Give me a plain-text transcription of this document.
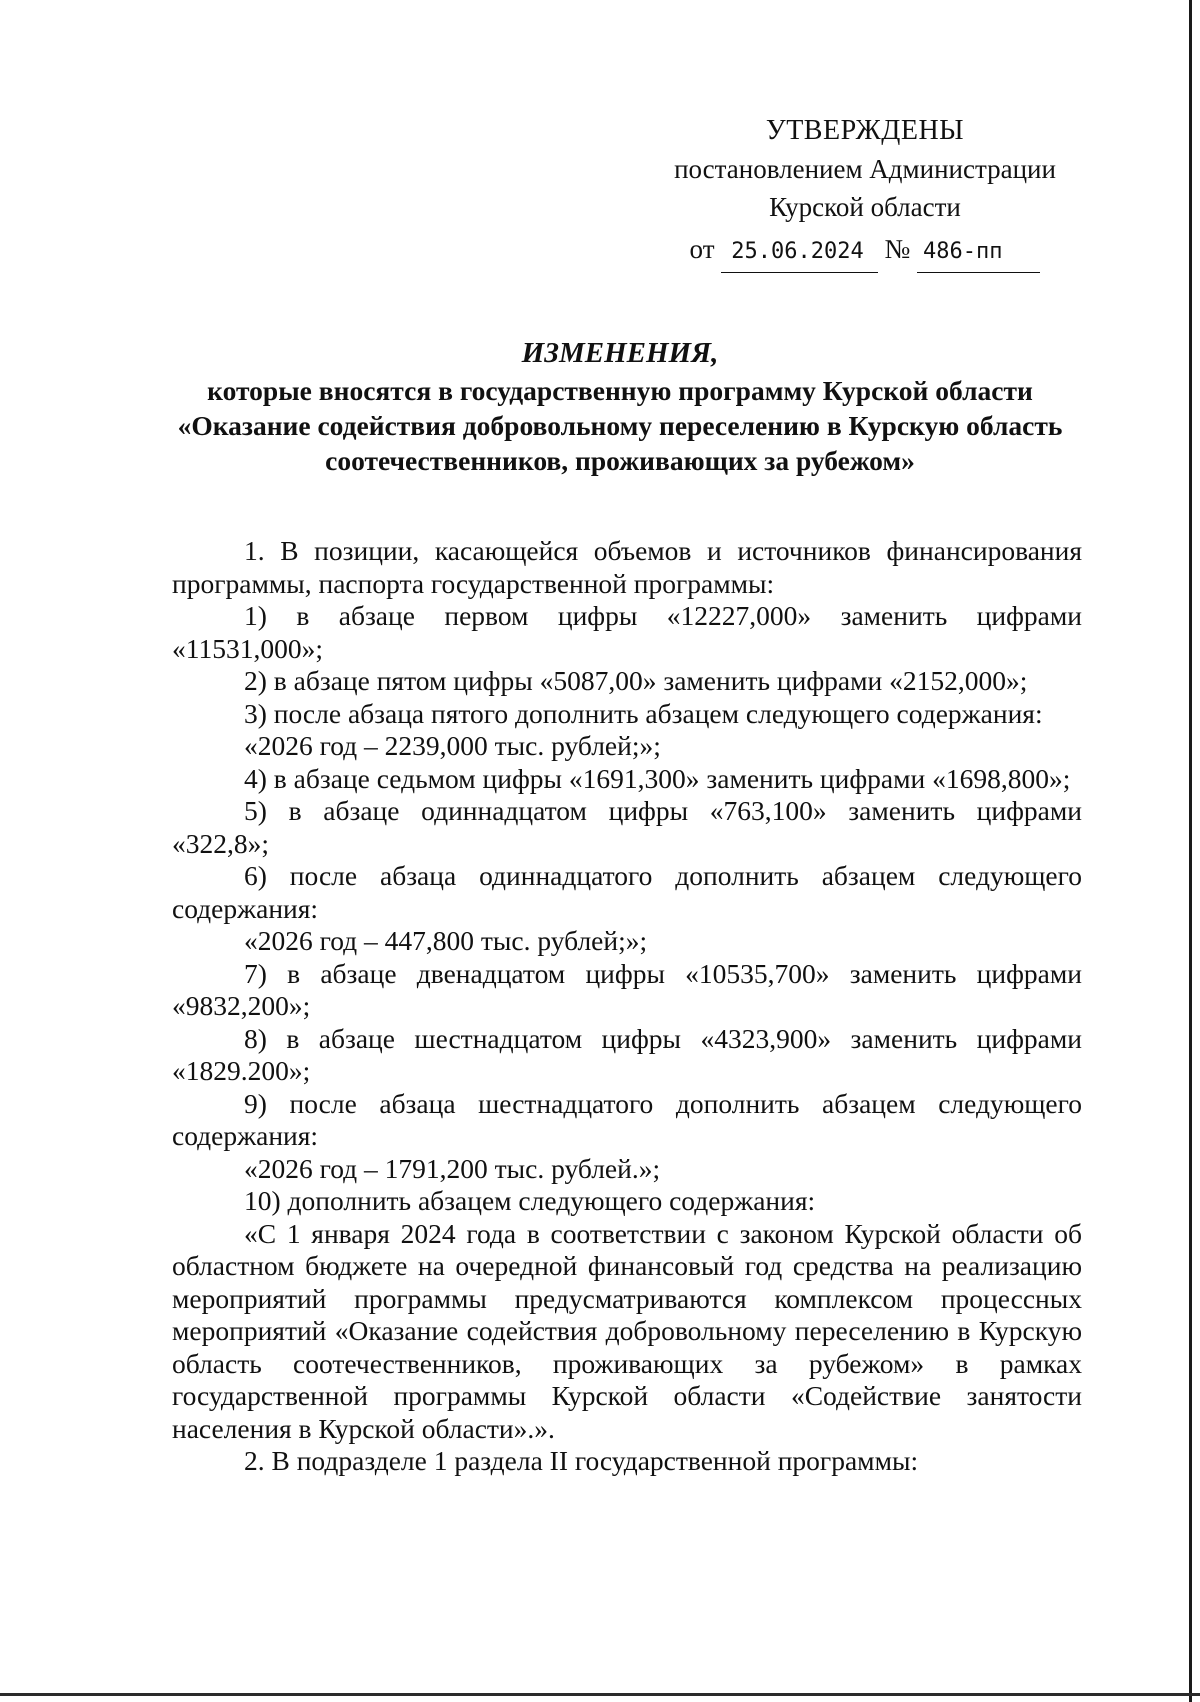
УТВЕРЖДЕНЫ
постановлением Администрации
Курской области
от 25.06.2024 № 486-пп
ИЗМЕНЕНИЯ,
которые вносятся в государственную программу Курской области
«Оказание содействия добровольному переселению в Курскую область
соотечественников, проживающих за рубежом»

1. В позиции, касающейся объемов и источников финансирования программы, паспорта государственной программы:

1) в абзаце первом цифры «12227,000» заменить цифрами «11531,000»;

2) в абзаце пятом цифры «5087,00» заменить цифрами «2152,000»;

3) после абзаца пятого дополнить абзацем следующего содержания:

«2026 год – 2239,000 тыс. рублей;»;

4) в абзаце седьмом цифры «1691,300» заменить цифрами «1698,800»;

5) в абзаце одиннадцатом цифры «763,100» заменить цифрами «322,8»;

6) после абзаца одиннадцатого дополнить абзацем следующего содержания:

«2026 год – 447,800 тыс. рублей;»;

7) в абзаце двенадцатом цифры «10535,700» заменить цифрами «9832,200»;

8) в абзаце шестнадцатом цифры «4323,900» заменить цифрами «1829.200»;

9) после абзаца шестнадцатого дополнить абзацем следующего содержания:

«2026 год – 1791,200 тыс. рублей.»;

10) дополнить абзацем следующего содержания:

«С 1 января 2024 года в соответствии с законом Курской области об областном бюджете на очередной финансовый год средства на реализацию мероприятий программы предусматриваются комплексом процессных мероприятий «Оказание содействия добровольному переселению в Курскую область соотечественников, проживающих за рубежом» в рамках государственной программы Курской области «Содействие занятости населения в Курской области».».

2. В подразделе 1 раздела II государственной программы:
